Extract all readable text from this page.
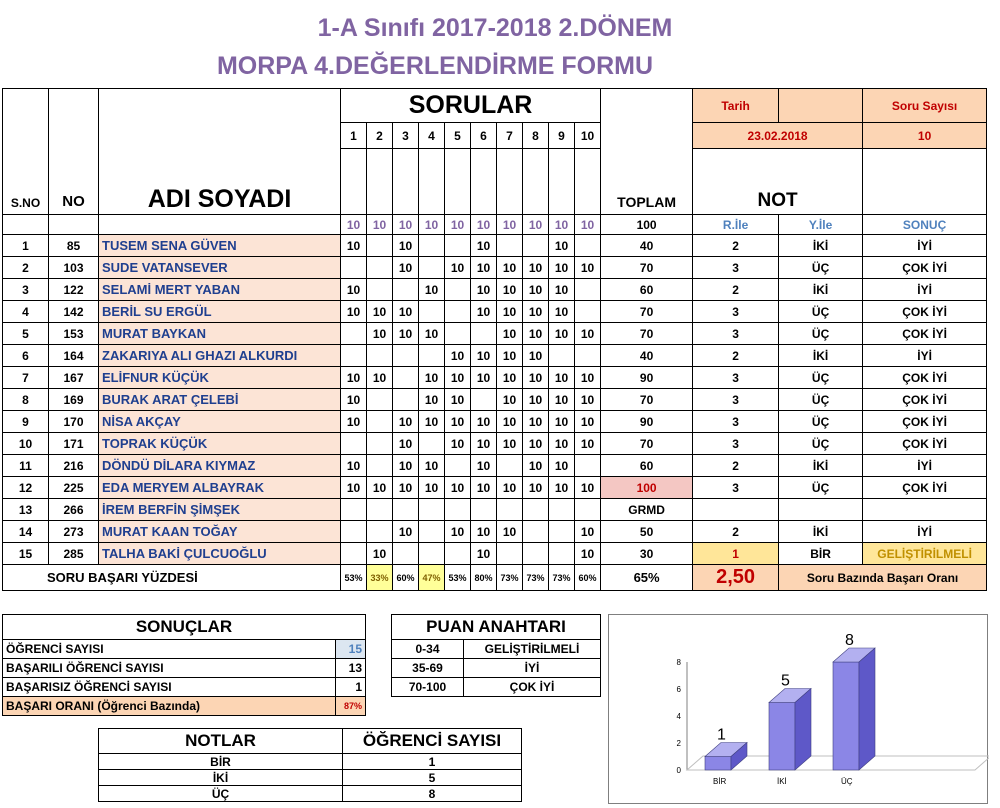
1-A Sınıfı 2017-2018 2.DÖNEM
MORPA 4.DEĞERLENDİRME FORMU
			SORULAR											Tarih		Soru Sayısı
			1	2	3	4	5	6	7	8	9	10		23.02.2018		10
S.NO	NO	ADI SOYADI											TOPLAM	NOT		
			10	10	10	10	10	10	10	10	10	10	100	R.İle	Y.İle	SONUÇ
1	85	TUSEM SENA GÜVEN	10		10			10			10		40	2	İKİ	İYİ
2	103	SUDE VATANSEVER			10		10	10	10	10	10	10	70	3	ÜÇ	ÇOK İYİ
3	122	SELAMİ MERT YABAN	10			10		10	10	10	10		60	2	İKİ	İYİ
4	142	BERİL SU ERGÜL	10	10	10			10	10	10	10		70	3	ÜÇ	ÇOK İYİ
5	153	MURAT BAYKAN		10	10	10			10	10	10	10	70	3	ÜÇ	ÇOK İYİ
6	164	ZAKARIYA ALI GHAZI ALKURDI					10	10	10	10			40	2	İKİ	İYİ
7	167	ELİFNUR KÜÇÜK	10	10		10	10	10	10	10	10	10	90	3	ÜÇ	ÇOK İYİ
8	169	BURAK ARAT ÇELEBİ	10			10	10		10	10	10	10	70	3	ÜÇ	ÇOK İYİ
9	170	NİSA AKÇAY	10		10	10	10	10	10	10	10	10	90	3	ÜÇ	ÇOK İYİ
10	171	TOPRAK KÜÇÜK			10		10	10	10	10	10	10	70	3	ÜÇ	ÇOK İYİ
11	216	DÖNDÜ DİLARA KIYMAZ	10		10	10		10		10	10		60	2	İKİ	İYİ
12	225	EDA MERYEM ALBAYRAK	10	10	10	10	10	10	10	10	10	10	100	3	ÜÇ	ÇOK İYİ
13	266	İREM BERFİN ŞİMŞEK											GRMD			
14	273	MURAT KAAN TOĞAY			10		10	10	10			10	50	2	İKİ	İYİ
15	285	TALHA BAKİ ÇULCUOĞLU		10				10				10	30	1	BİR	GELİŞTİRİLMELİ
SORU BAŞARI YÜZDESİ			53%	33%	60%	47%	53%	80%	73%	73%	73%	60%	65%	2,50	Soru Bazında Başarı Oranı	
SONUÇLAR	
ÖĞRENCİ SAYISI	15
BAŞARILI ÖĞRENCİ SAYISI	13
BAŞARISIZ ÖĞRENCİ SAYISI	1
BAŞARI ORANI (Öğrenci Bazında)	87%
PUAN ANAHTARI	
0-34	GELİŞTİRİLMELİ
35-69	İYİ
70-100	ÇOK İYİ
NOTLAR	ÖĞRENCİ SAYISI
BİR	1
İKİ	5
ÜÇ	8
0
2
4
6
8
1
BİR
5
İKİ
8
ÜÇ
